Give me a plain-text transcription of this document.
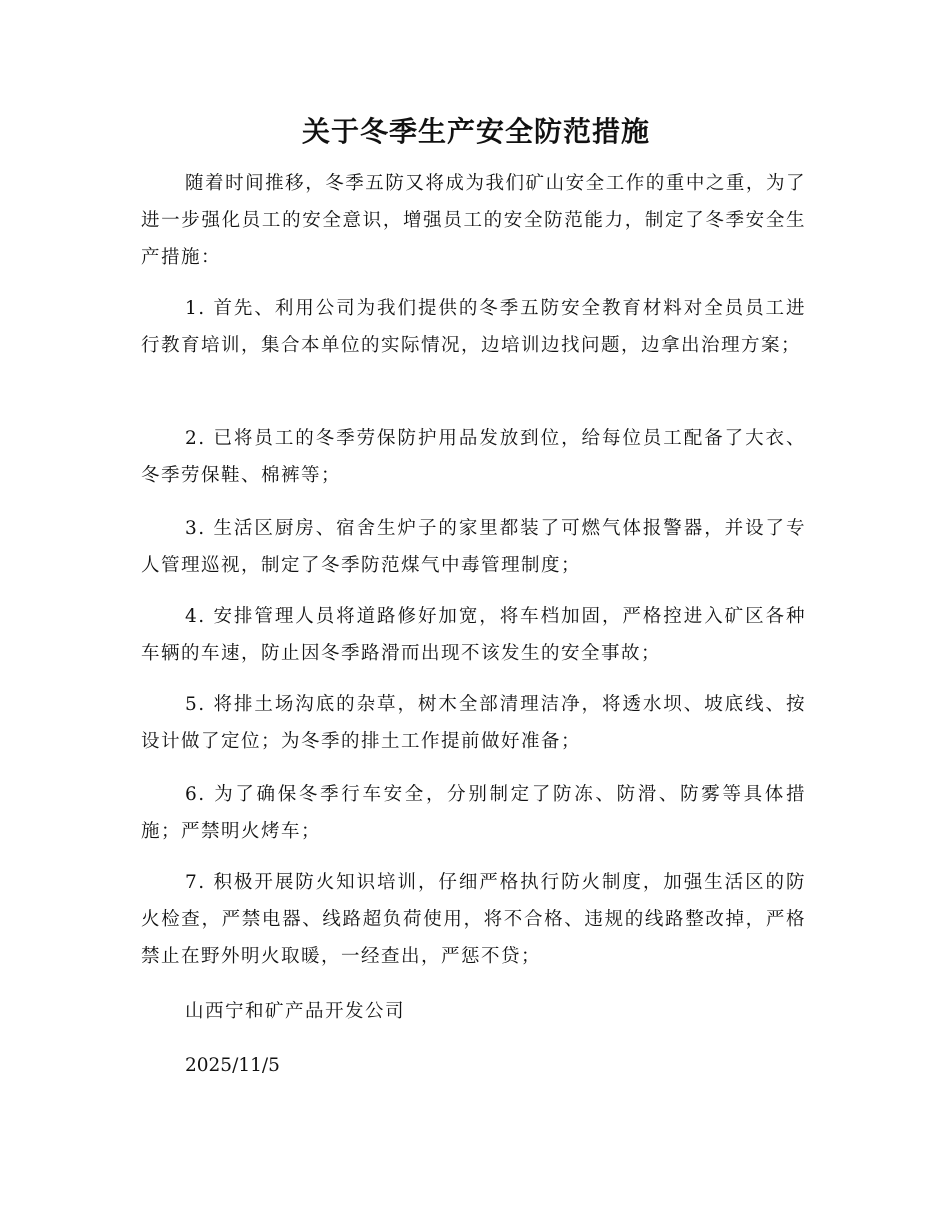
关于冬季生产安全防范措施

随着时间推移，冬季五防又将成为我们矿山安全工作的重中之重，为了进一步强化员工的安全意识，增强员工的安全防范能力，制定了冬季安全生产措施：

1. 首先、利用公司为我们提供的冬季五防安全教育材料对全员员工进行教育培训，集合本单位的实际情况，边培训边找问题，边拿出治理方案；

2. 已将员工的冬季劳保防护用品发放到位，给每位员工配备了大衣、冬季劳保鞋、棉裤等；

3. 生活区厨房、宿舍生炉子的家里都装了可燃气体报警器，并设了专人管理巡视，制定了冬季防范煤气中毒管理制度；

4. 安排管理人员将道路修好加宽，将车档加固，严格控进入矿区各种车辆的车速，防止因冬季路滑而出现不该发生的安全事故；

5. 将排土场沟底的杂草，树木全部清理洁净，将透水坝、坡底线、按设计做了定位；为冬季的排土工作提前做好准备；

6. 为了确保冬季行车安全，分别制定了防冻、防滑、防雾等具体措施；严禁明火烤车；

7. 积极开展防火知识培训，仔细严格执行防火制度，加强生活区的防火检查，严禁电器、线路超负荷使用，将不合格、违规的线路整改掉，严格禁止在野外明火取暖，一经查出，严惩不贷；

山西宁和矿产品开发公司

2025/11/5
